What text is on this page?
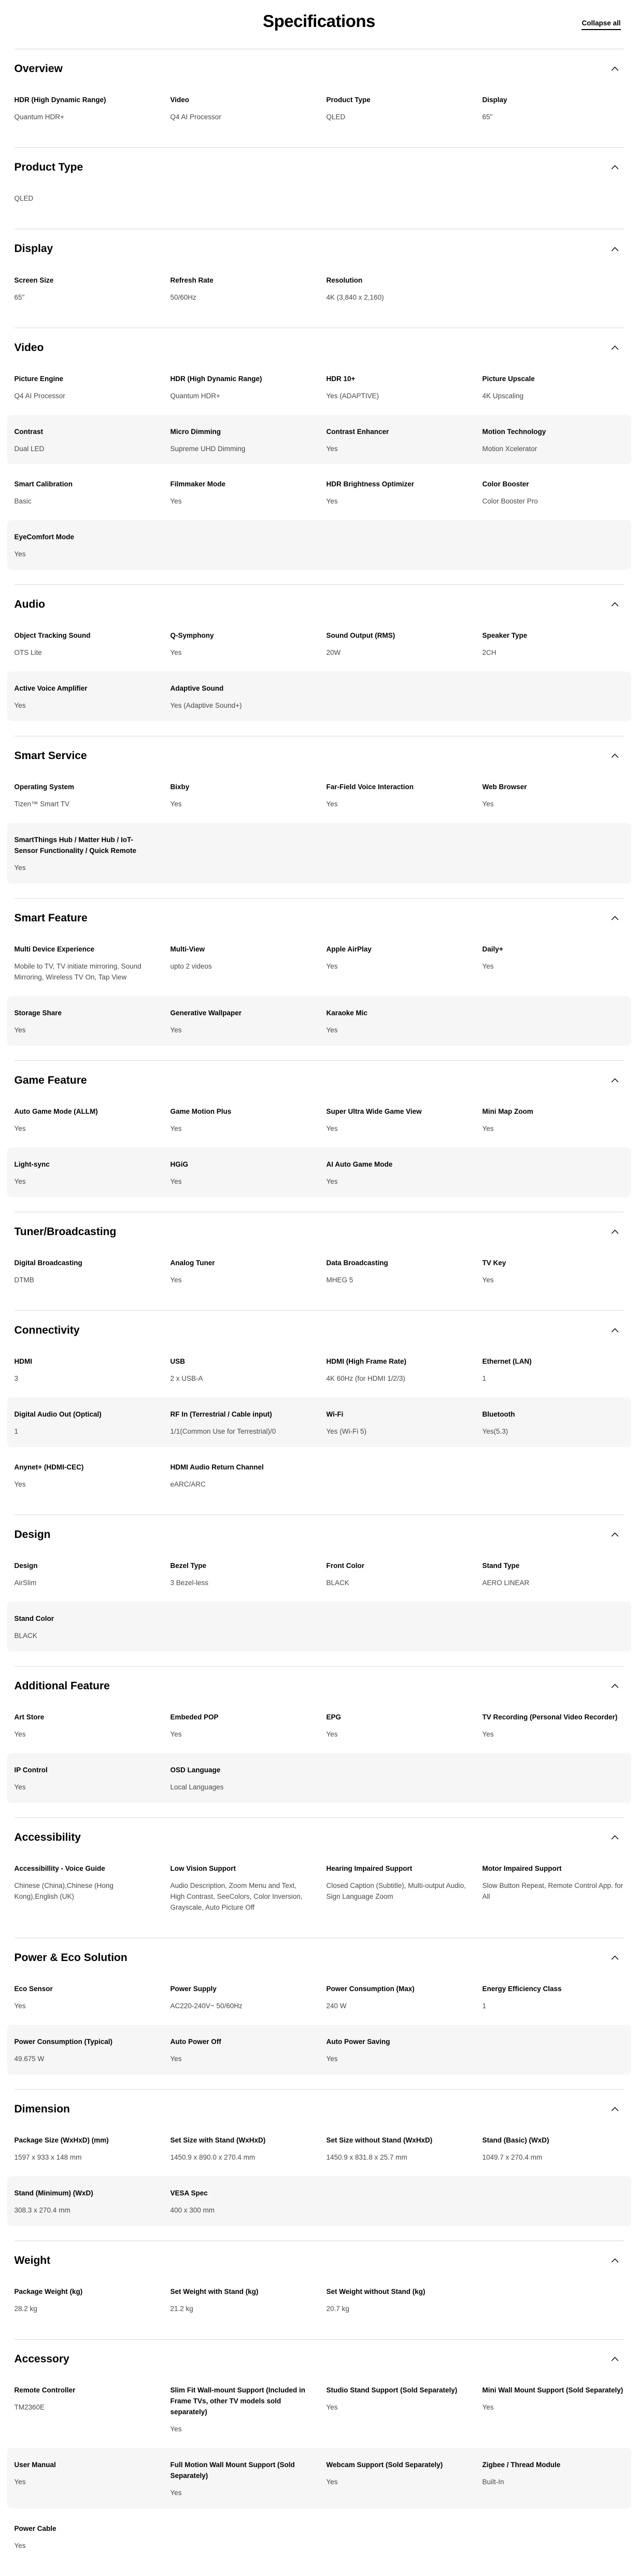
Specifications	Collapse all
Overview
HDR (High Dynamic Range)
Quantum HDR+
Video
Q4 AI Processor
Product Type
QLED
Display
65"
Product Type
QLED
Display
Screen Size
65"
Refresh Rate
50/60Hz
Resolution
4K (3,840 x 2,160)
Video
Picture Engine
Q4 AI Processor
HDR (High Dynamic Range)
Quantum HDR+
HDR 10+
Yes (ADAPTIVE)
Picture Upscale
4K Upscaling
Contrast
Dual LED
Micro Dimming
Supreme UHD Dimming
Contrast Enhancer
Yes
Motion Technology
Motion Xcelerator
Smart Calibration
Basic
Filmmaker Mode
Yes
HDR Brightness Optimizer
Yes
Color Booster
Color Booster Pro
EyeComfort Mode
Yes
Audio
Object Tracking Sound
OTS Lite
Q-Symphony
Yes
Sound Output (RMS)
20W
Speaker Type
2CH
Active Voice Amplifier
Yes
Adaptive Sound
Yes (Adaptive Sound+)
Smart Service
Operating System
Tizen™ Smart TV
Bixby
Yes
Far-Field Voice Interaction
Yes
Web Browser
Yes
SmartThings Hub / Matter Hub / IoT-Sensor Functionality / Quick Remote
Yes
Smart Feature
Multi Device Experience
Mobile to TV, TV initiate mirroring, Sound Mirroring, Wireless TV On, Tap View
Multi-View
upto 2 videos
Apple AirPlay
Yes
Daily+
Yes
Storage Share
Yes
Generative Wallpaper
Yes
Karaoke Mic
Yes
Game Feature
Auto Game Mode (ALLM)
Yes
Game Motion Plus
Yes
Super Ultra Wide Game View
Yes
Mini Map Zoom
Yes
Light-sync
Yes
HGiG
Yes
AI Auto Game Mode
Yes
Tuner/Broadcasting
Digital Broadcasting
DTMB
Analog Tuner
Yes
Data Broadcasting
MHEG 5
TV Key
Yes
Connectivity
HDMI
3
USB
2 x USB-A
HDMI (High Frame Rate)
4K 60Hz (for HDMI 1/2/3)
Ethernet (LAN)
1
Digital Audio Out (Optical)
1
RF In (Terrestrial / Cable input)
1/1(Common Use for Terrestrial)/0
Wi-Fi
Yes (Wi-Fi 5)
Bluetooth
Yes(5.3)
Anynet+ (HDMI-CEC)
Yes
HDMI Audio Return Channel
eARC/ARC
Design
Design
AirSlim
Bezel Type
3 Bezel-less
Front Color
BLACK
Stand Type
AERO LINEAR
Stand Color
BLACK
Additional Feature
Art Store
Yes
Embeded POP
Yes
EPG
Yes
TV Recording (Personal Video Recorder)
Yes
IP Control
Yes
OSD Language
Local Languages
Accessibility
Accessibillity - Voice Guide
Chinese (China),Chinese (Hong Kong),English (UK)
Low Vision Support
Audio Description, Zoom Menu and Text, High Contrast, SeeColors, Color Inversion, Grayscale, Auto Picture Off
Hearing Impaired Support
Closed Caption (Subtitle), Multi-output Audio, Sign Language Zoom
Motor Impaired Support
Slow Button Repeat, Remote Control App. for All
Power & Eco Solution
Eco Sensor
Yes
Power Supply
AC220-240V~ 50/60Hz
Power Consumption (Max)
240 W
Energy Efficiency Class
1
Power Consumption (Typical)
49.675 W
Auto Power Off
Yes
Auto Power Saving
Yes
Dimension
Package Size (WxHxD) (mm)
1597 x 933 x 148 mm
Set Size with Stand (WxHxD)
1450.9 x 890.0 x 270.4 mm
Set Size without Stand (WxHxD)
1450.9 x 831.8 x 25.7 mm
Stand (Basic) (WxD)
1049.7 x 270.4 mm
Stand (Minimum) (WxD)
308.3 x 270.4 mm
VESA Spec
400 x 300 mm
Weight
Package Weight (kg)
28.2 kg
Set Weight with Stand (kg)
21.2 kg
Set Weight without Stand (kg)
20.7 kg
Accessory
Remote Controller
TM2360E
Slim Fit Wall-mount Support (Included in Frame TVs, other TV models sold separately)
Yes
Studio Stand Support (Sold Separately)
Yes
Mini Wall Mount Support (Sold Separately)
Yes
User Manual
Yes
Full Motion Wall Mount Support (Sold Separately)
Yes
Webcam Support (Sold Separately)
Yes
Zigbee / Thread Module
Built-In
Power Cable
Yes
